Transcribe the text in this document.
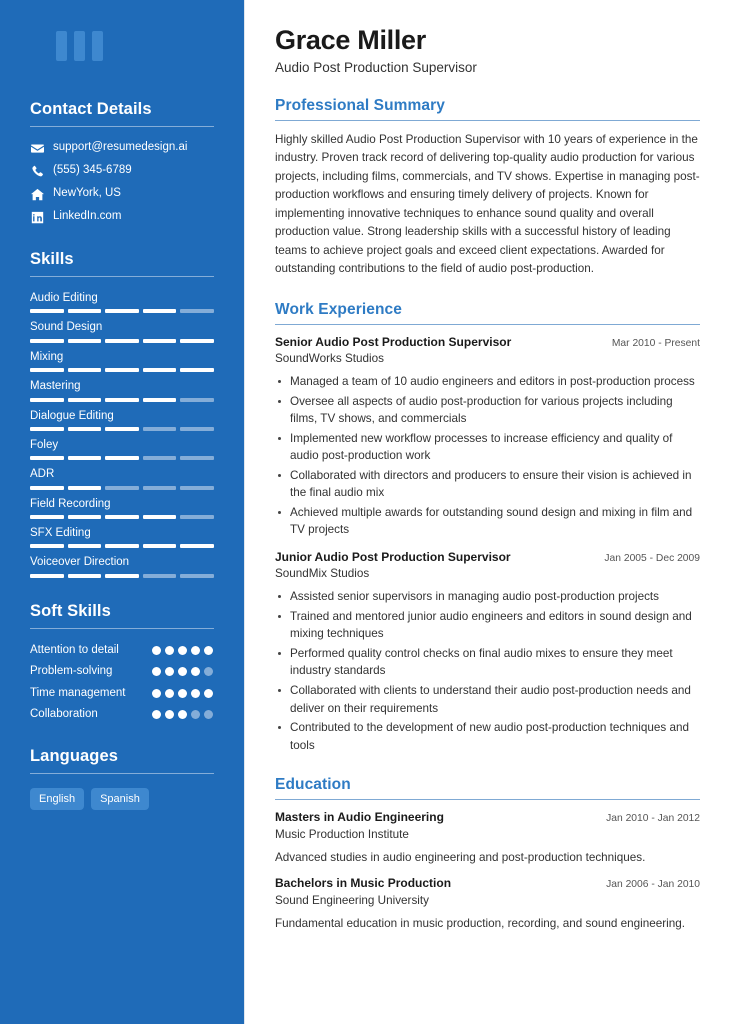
Contact Details
support@resumedesign.ai
(555) 345-6789
NewYork, US
LinkedIn.com
Skills
Audio Editing
Sound Design
Mixing
Mastering
Dialogue Editing
Foley
ADR
Field Recording
SFX Editing
Voiceover Direction
Soft Skills
Attention to detail
Problem-solving
Time management
Collaboration
Languages
English	Spanish
Grace Miller
Audio Post Production Supervisor
Professional Summary

Highly skilled Audio Post Production Supervisor with 10 years of experience in the industry. Proven track record of delivering top-quality audio production for various projects, including films, commercials, and TV shows. Expertise in managing post-production workflows and ensuring timely delivery of projects. Known for implementing innovative techniques to enhance sound quality and overall production value. Strong leadership skills with a successful history of leading teams to achieve project goals and exceed client expectations. Awarded for outstanding contributions to the field of audio post-production.

Work Experience
Senior Audio Post Production Supervisor	Mar 2010 - Present
SoundWorks Studios
Managed a team of 10 audio engineers and editors in post-production process
Oversee all aspects of audio post-production for various projects including films, TV shows, and commercials
Implemented new workflow processes to increase efficiency and quality of audio post-production work
Collaborated with directors and producers to ensure their vision is achieved in the final audio mix
Achieved multiple awards for outstanding sound design and mixing in film and TV projects
Junior Audio Post Production Supervisor	Jan 2005 - Dec 2009
SoundMix Studios
Assisted senior supervisors in managing audio post-production projects
Trained and mentored junior audio engineers and editors in sound design and mixing techniques
Performed quality control checks on final audio mixes to ensure they meet industry standards
Collaborated with clients to understand their audio post-production needs and deliver on their requirements
Contributed to the development of new audio post-production techniques and tools
Education
Masters in Audio Engineering	Jan 2010 - Jan 2012
Music Production Institute
Advanced studies in audio engineering and post-production techniques.
Bachelors in Music Production	Jan 2006 - Jan 2010
Sound Engineering University
Fundamental education in music production, recording, and sound engineering.
